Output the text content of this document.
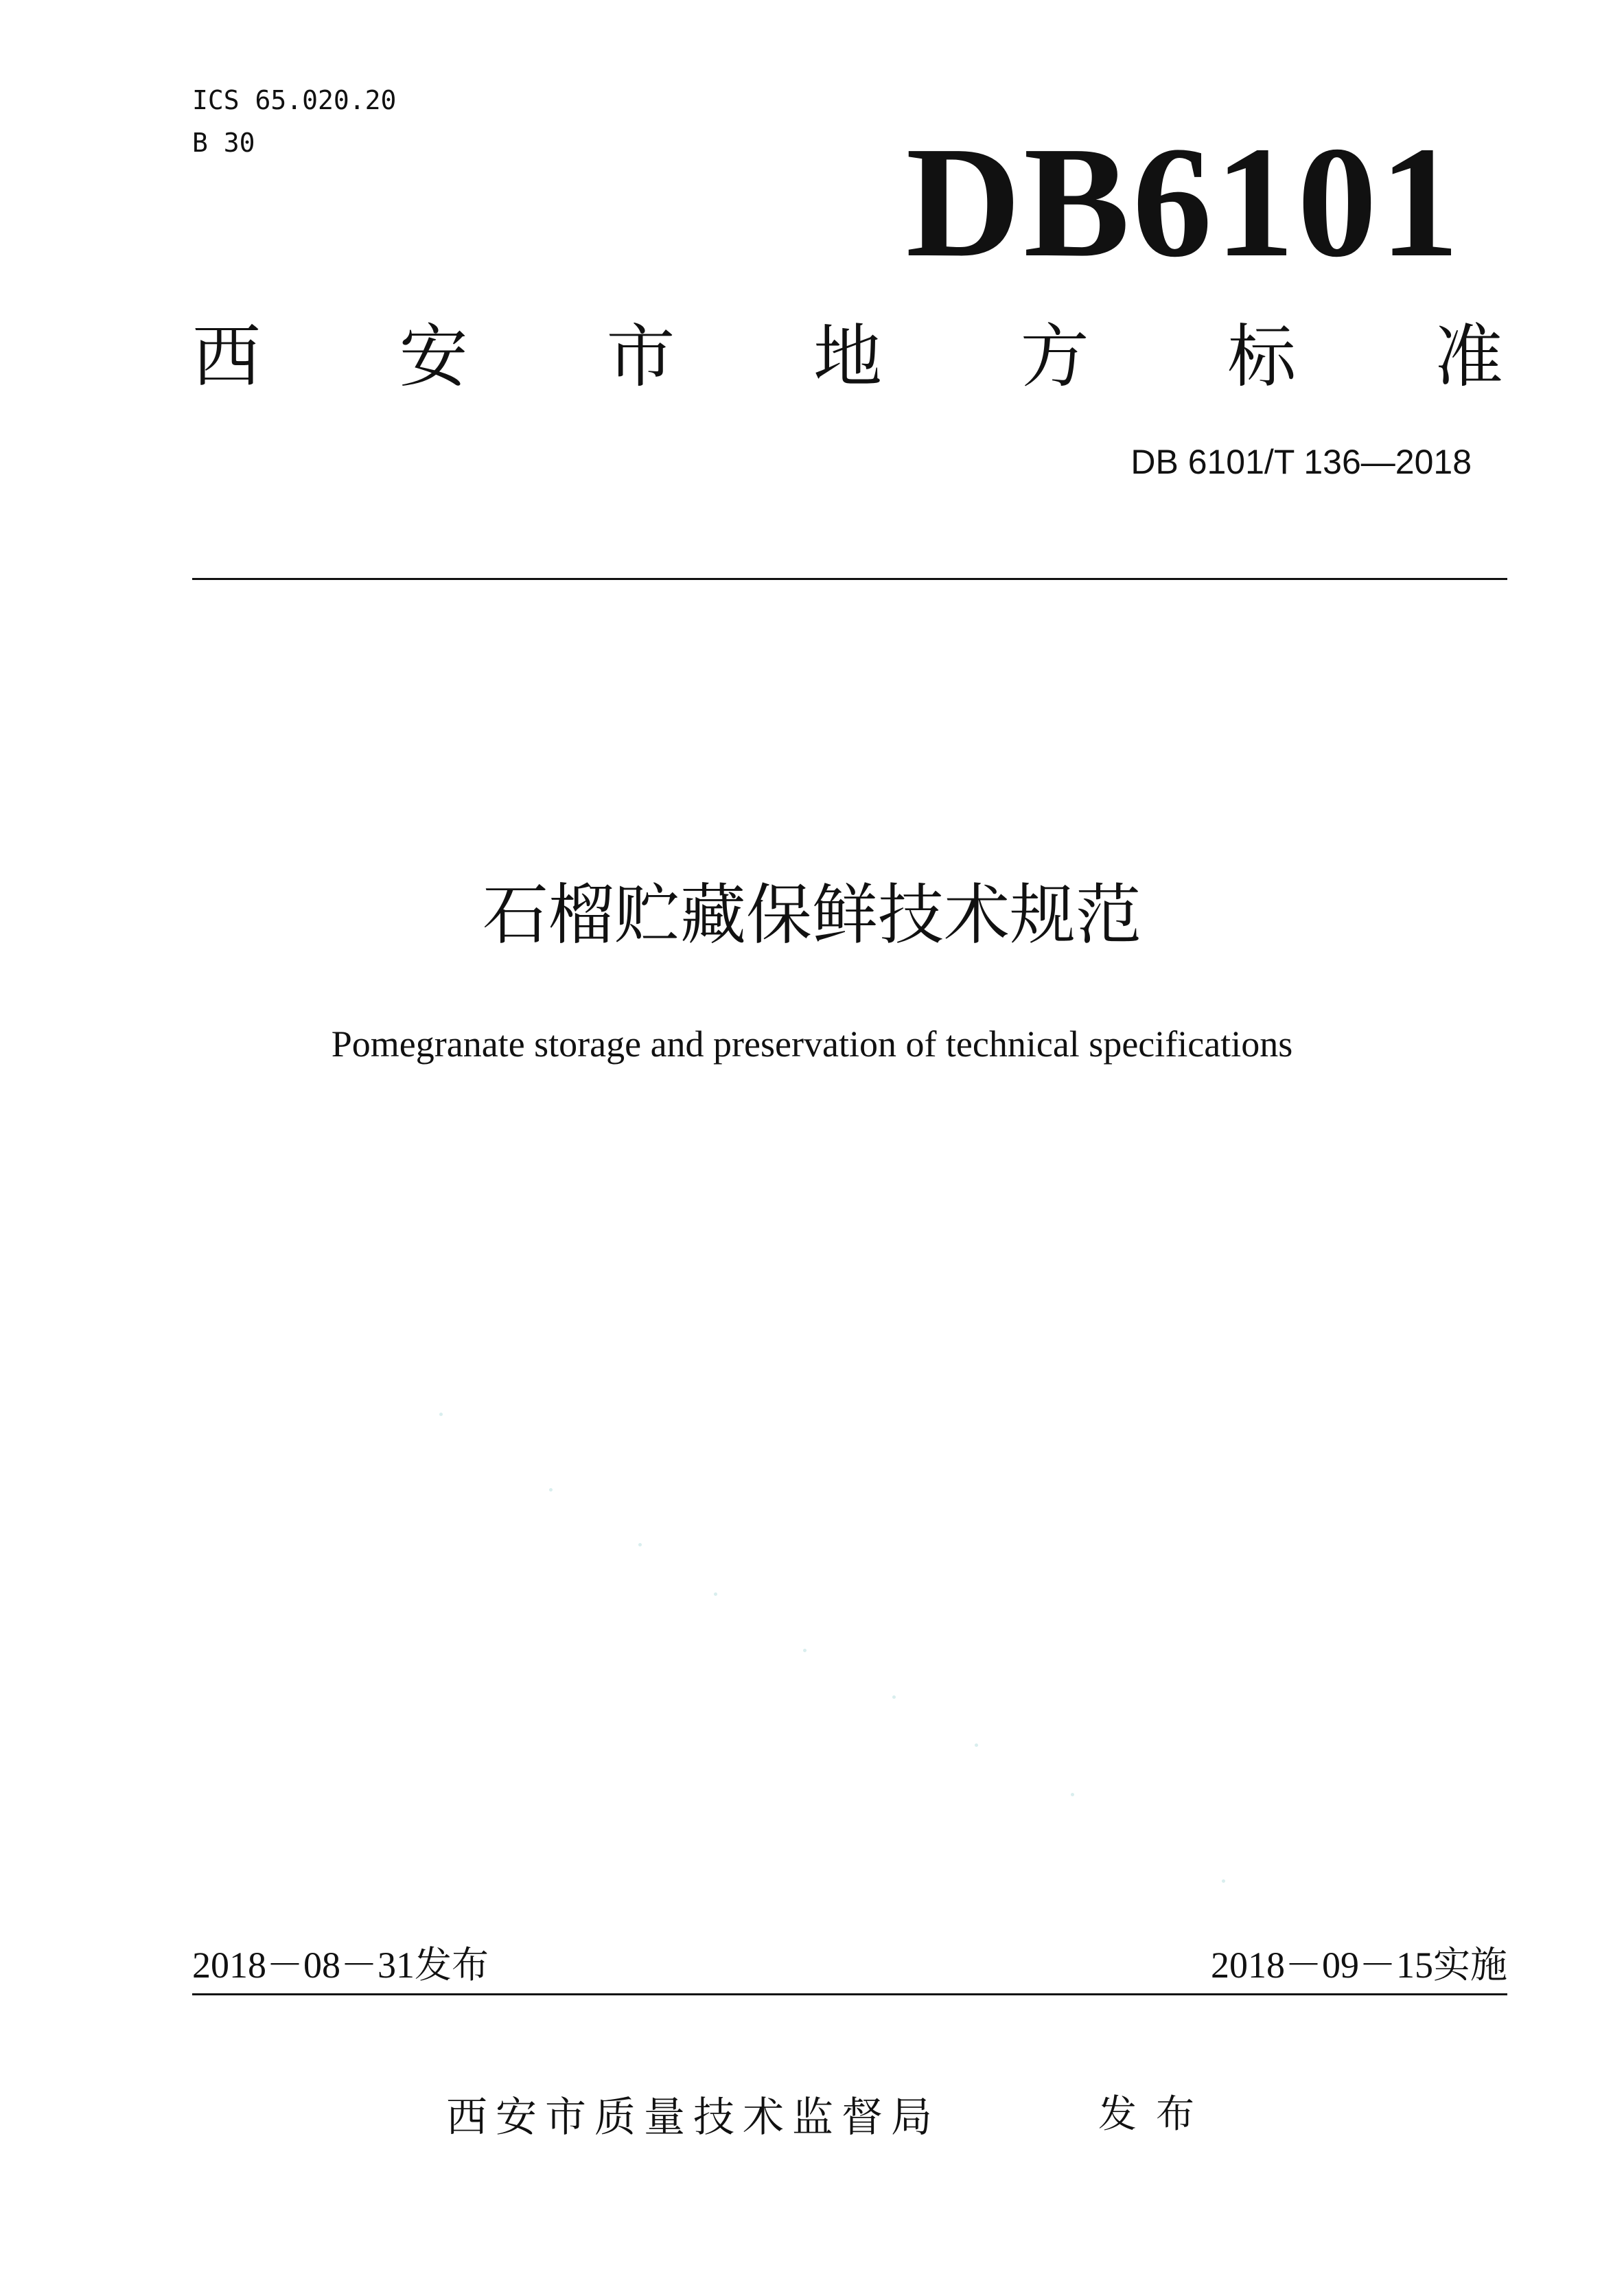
ICS 65.020.20
B 30	DB6101
西 安 市 地 方 标 准
DB 6101/T 136—2018
石榴贮藏保鲜技术规范
Pomegranate storage and preservation of technical specifications
2018－08－31发布	2018－09－15实施
西安市质量技术监督局	发布
